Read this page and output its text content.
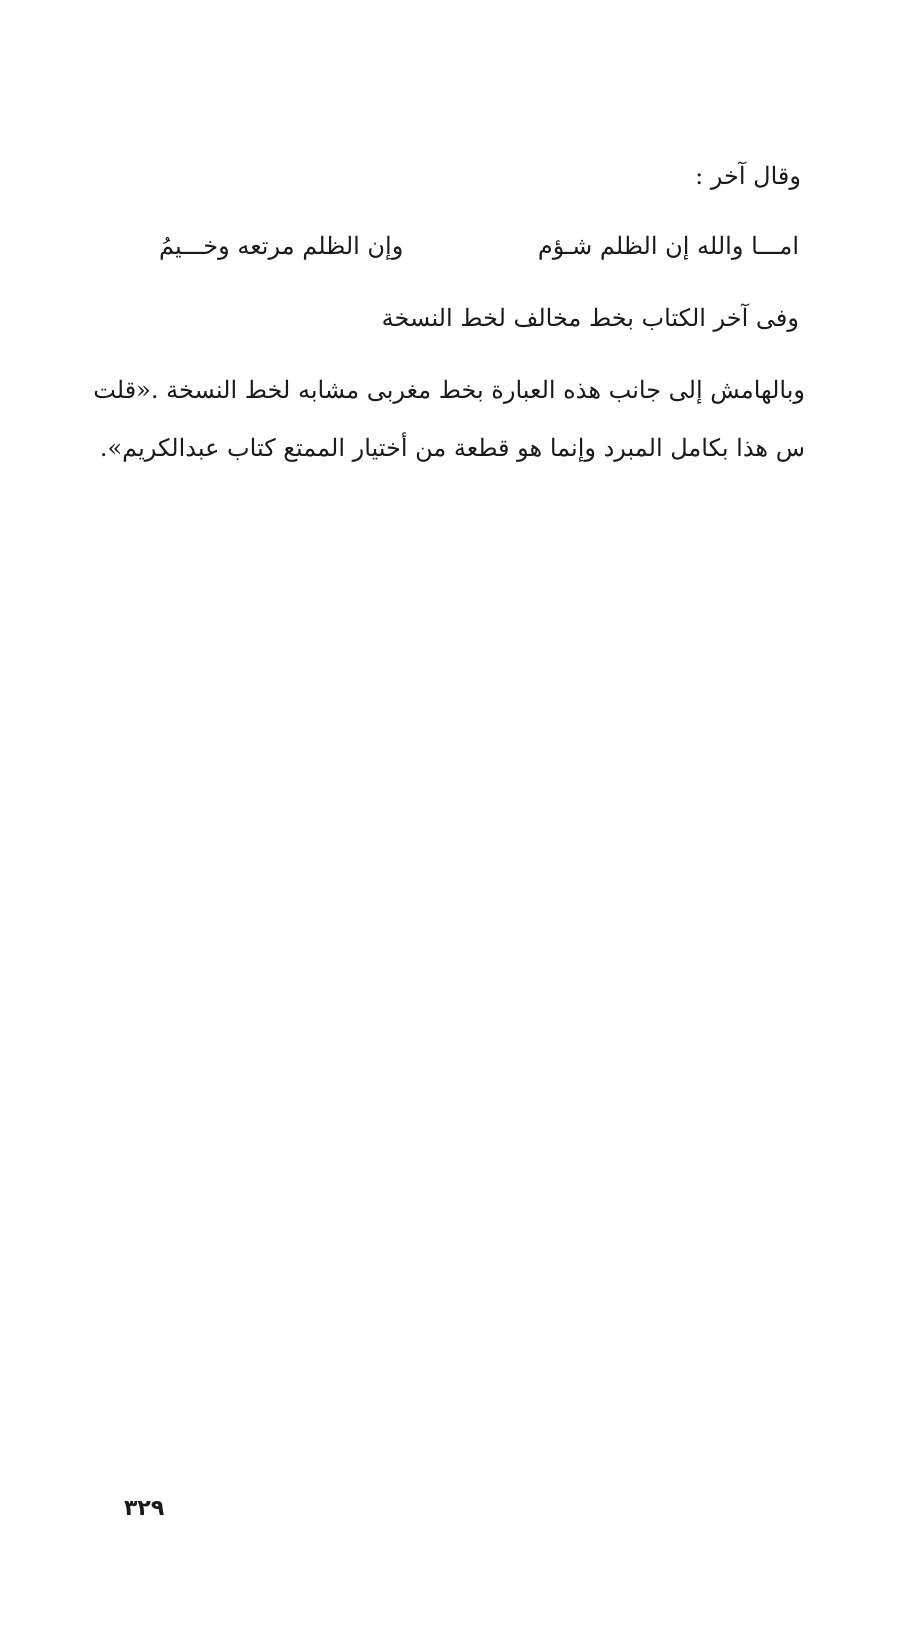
وقال آخر :
امـــا والله إن الظلم شـؤم
وإن الظلم مرتعه وخـــيمُ
وفى آخر الكتاب بخط مخالف لخط النسخة
وبالهامش إلى جانب هذه العبارة بخط مغربى مشابه لخط النسخة .«قلت
س هذا بكامل المبرد وإنما هو قطعة من أختيار الممتع كتاب عبدالكريم».
٣٢٩
